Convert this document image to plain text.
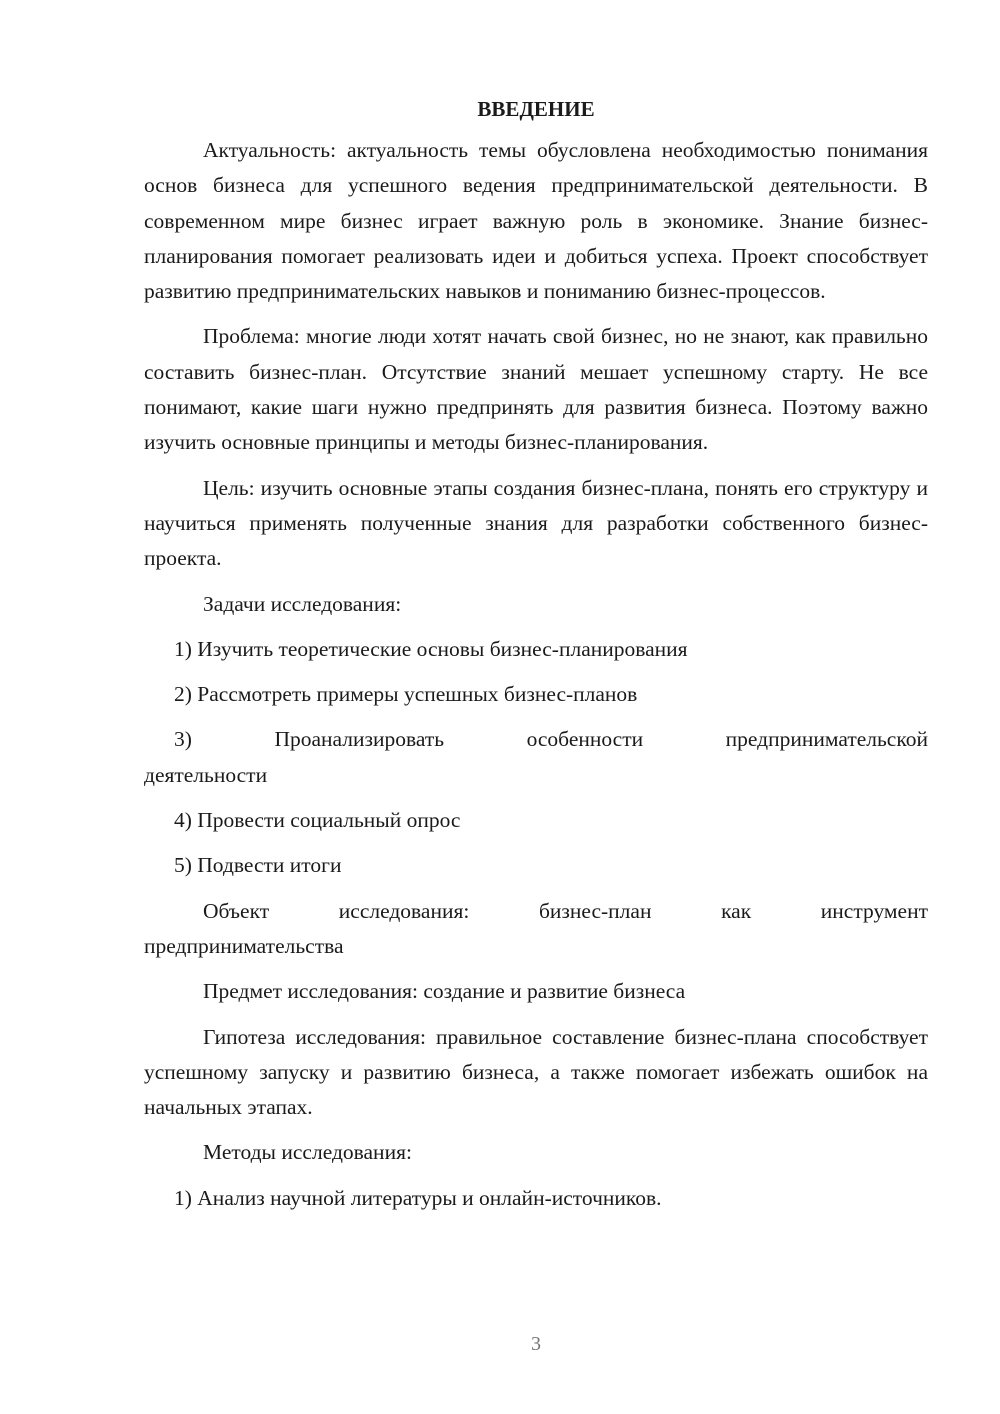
ВВЕДЕНИЕ

Актуальность: актуальность темы обусловлена необходимостью понимания основ бизнеса для успешного ведения предпринимательской деятельности. В современном мире бизнес играет важную роль в экономике. Знание бизнес-планирования помогает реализовать идеи и добиться успеха. Проект способствует развитию предпринимательских навыков и пониманию бизнес-процессов.

Проблема: многие люди хотят начать свой бизнес, но не знают, как правильно составить бизнес-план. Отсутствие знаний мешает успешному старту. Не все понимают, какие шаги нужно предпринять для развития бизнеса. Поэтому важно изучить основные принципы и методы бизнес-планирования.

Цель: изучить основные этапы создания бизнес-плана, понять его структуру и научиться применять полученные знания для разработки собственного бизнес-проекта.

Задачи исследования:

1) Изучить теоретические основы бизнес-планирования

2) Рассмотреть примеры успешных бизнес-планов

3)	Проанализировать	особенности	предпринимательской
деятельности

4) Провести социальный опрос

5) Подвести итоги

Объект	исследования:	бизнес-план	как	инструмент
предпринимательства

Предмет исследования: создание и развитие бизнеса

Гипотеза исследования: правильное составление бизнес-плана способствует успешному запуску и развитию бизнеса, а также помогает избежать ошибок на начальных этапах.

Методы исследования:

1) Анализ научной литературы и онлайн-источников.

3
